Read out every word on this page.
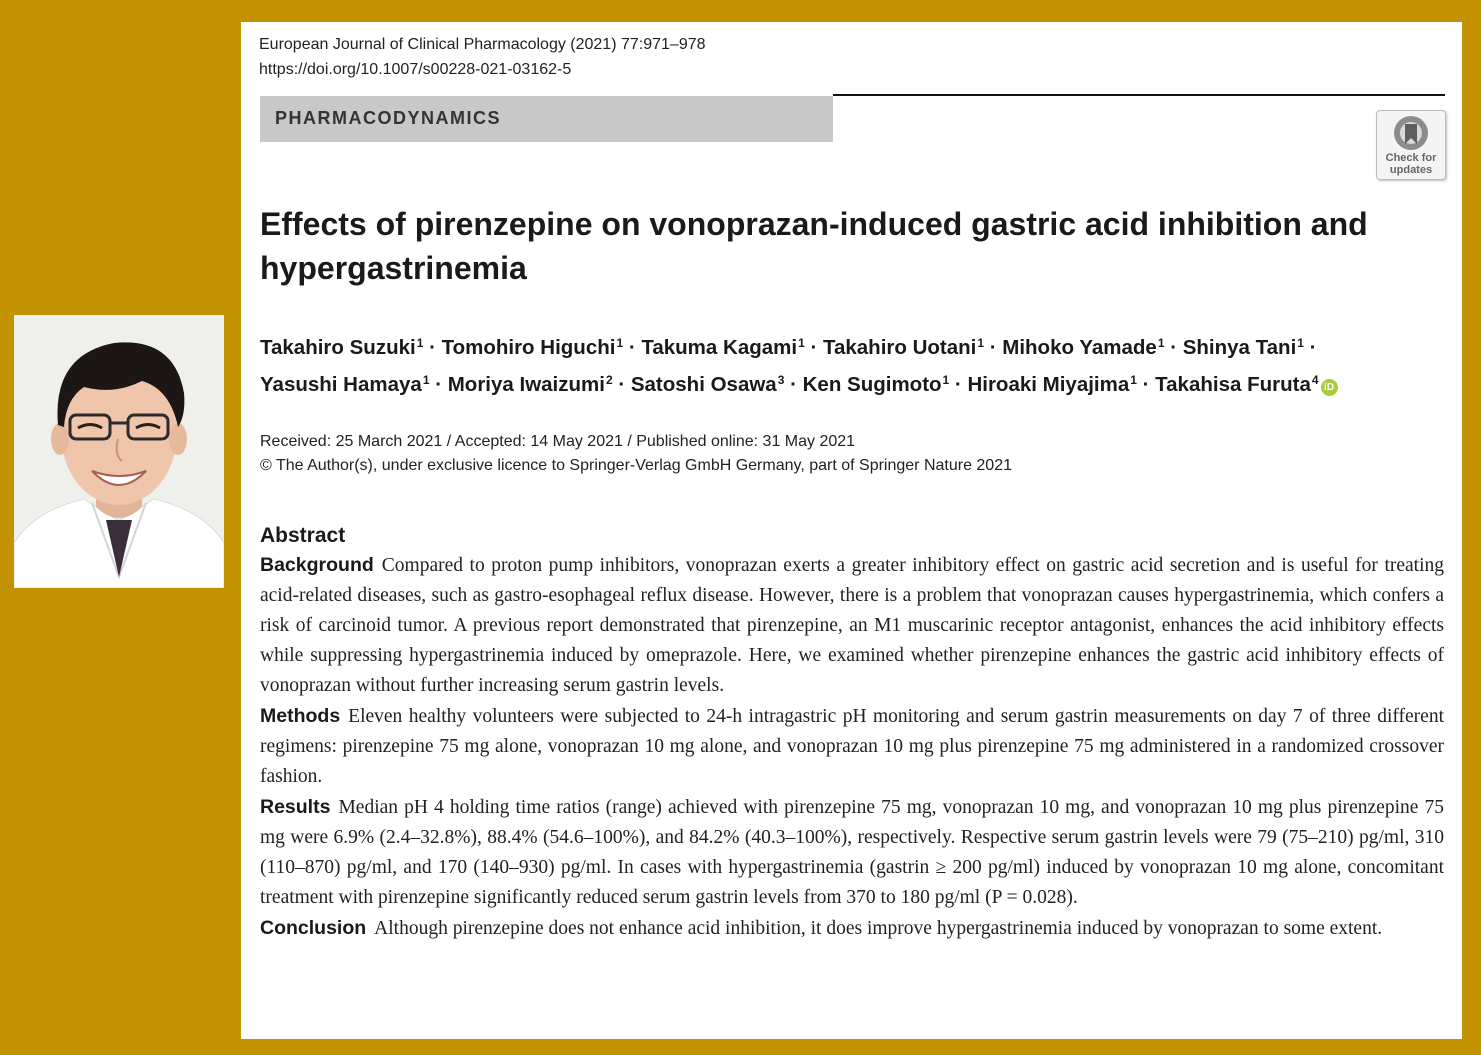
European Journal of Clinical Pharmacology (2021) 77:971–978
https://doi.org/10.1007/s00228-021-03162-5
PHARMACODYNAMICS
Check for
updates
Effects of pirenzepine on vonoprazan-induced gastric acid inhibition and hypergastrinemia
Takahiro Suzuki$^1$ · Tomohiro Higuchi$^1$ · Takuma Kagami$^1$ · Takahiro Uotani$^1$ · Mihoko Yamade$^1$ · Shinya Tani$^1$ ·
Yasushi Hamaya$^1$ · Moriya Iwaizumi$^2$ · Satoshi Osawa$^3$ · Ken Sugimoto$^1$ · Hiroaki Miyajima$^1$ · Takahisa Furuta$^4$iD
Received: 25 March 2021 / Accepted: 14 May 2021 / Published online: 31 May 2021
© The Author(s), under exclusive licence to Springer-Verlag GmbH Germany, part of Springer Nature 2021
Abstract

Background Compared to proton pump inhibitors, vonoprazan exerts a greater inhibitory effect on gastric acid secretion and is useful for treating acid-related diseases, such as gastro-esophageal reflux disease. However, there is a problem that vonoprazan causes hypergastrinemia, which confers a risk of carcinoid tumor. A previous report demonstrated that pirenzepine, an M1 muscarinic receptor antagonist, enhances the acid inhibitory effects while suppressing hypergastrinemia induced by omeprazole. Here, we examined whether pirenzepine enhances the gastric acid inhibitory effects of vonoprazan without further increasing serum gastrin levels.

Methods Eleven healthy volunteers were subjected to 24-h intragastric pH monitoring and serum gastrin measurements on day 7 of three different regimens: pirenzepine 75 mg alone, vonoprazan 10 mg alone, and vonoprazan 10 mg plus pirenzepine 75 mg administered in a randomized crossover fashion.

Results Median pH 4 holding time ratios (range) achieved with pirenzepine 75 mg, vonoprazan 10 mg, and vonoprazan 10 mg plus pirenzepine 75 mg were 6.9% (2.4–32.8%), 88.4% (54.6–100%), and 84.2% (40.3–100%), respectively. Respective serum gastrin levels were 79 (75–210) pg/ml, 310 (110–870) pg/ml, and 170 (140–930) pg/ml. In cases with hypergastrinemia (gastrin ≥ 200 pg/ml) induced by vonoprazan 10 mg alone, concomitant treatment with pirenzepine significantly reduced serum gastrin levels from 370 to 180 pg/ml (P = 0.028).

Conclusion Although pirenzepine does not enhance acid inhibition, it does improve hypergastrinemia induced by vonoprazan to some extent.
